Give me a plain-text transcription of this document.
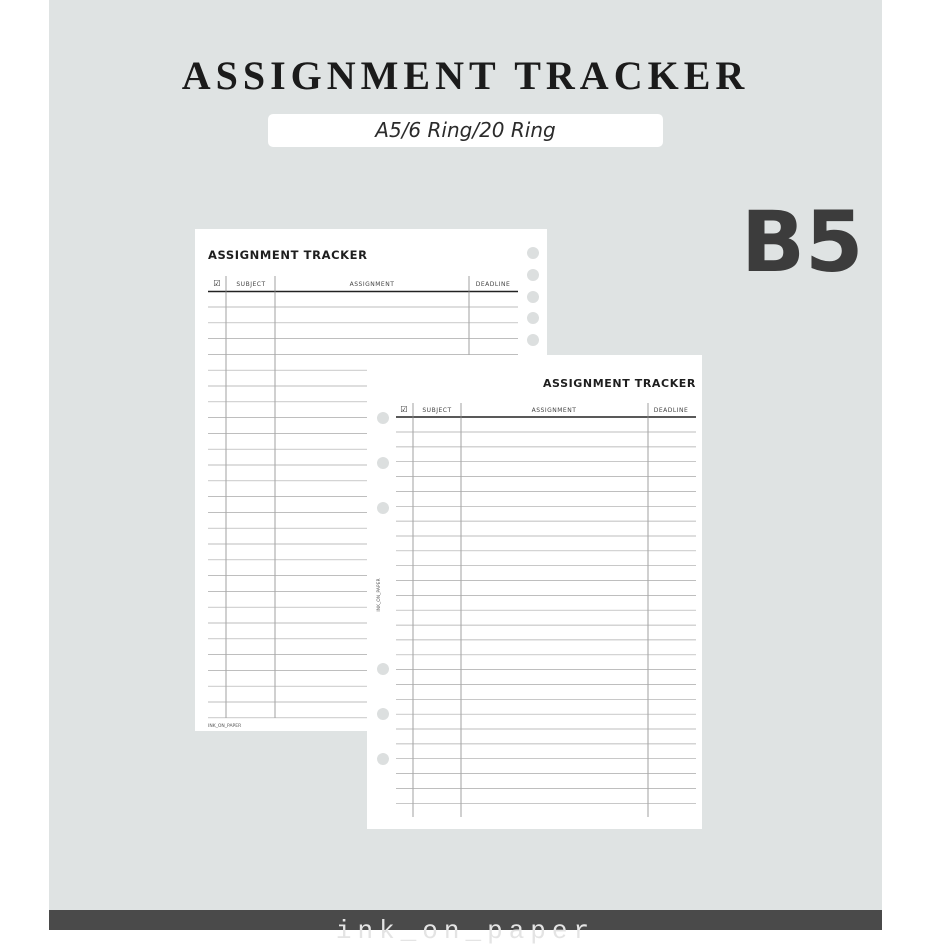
ASSIGNMENT TRACKER
A5/6 Ring/20 Ring
B5
ASSIGNMENT TRACKER
☑	SUBJECT	ASSIGNMENT	DEADLINE
INK_ON_PAPER
ASSIGNMENT TRACKER
☑ SUBJECT	ASSIGNMENT	DEADLINE
INK_ON_PAPER
ink_on_paper
